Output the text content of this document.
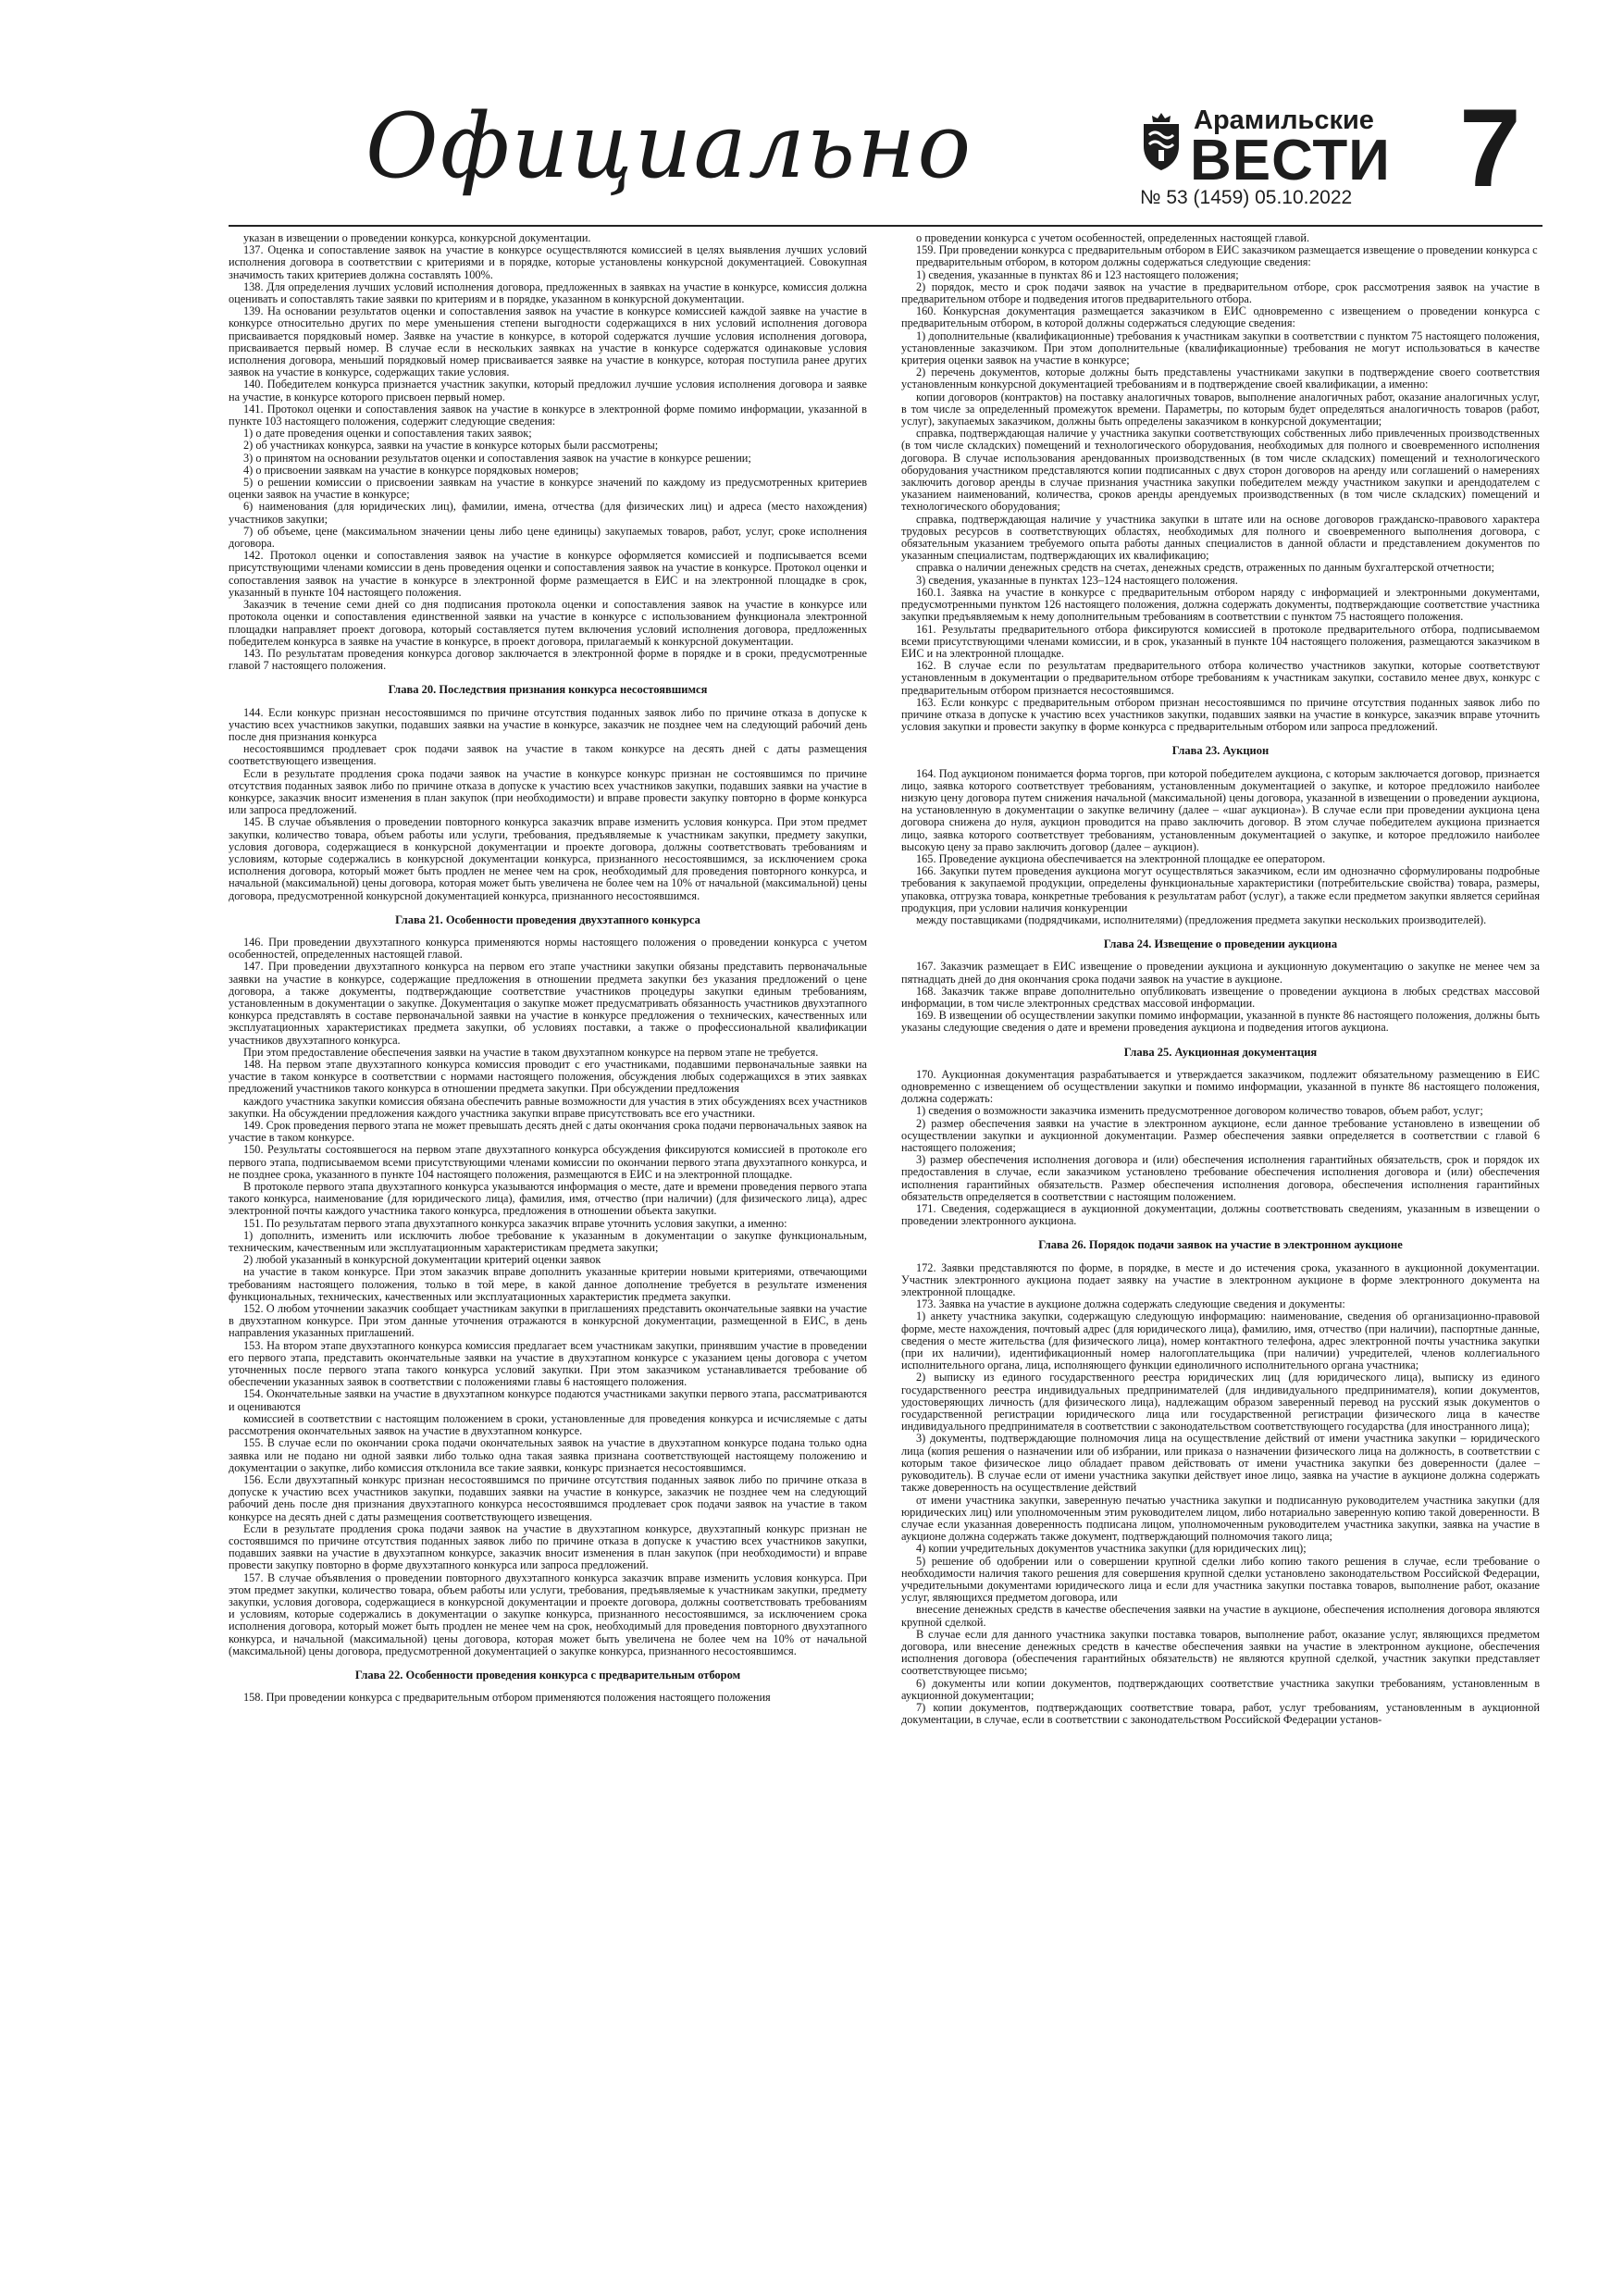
Официально	Арамильские
ВЕСТИ
№ 53 (1459) 05.10.2022 7

указан в извещении о проведении конкурса, конкурсной документации.

137. Оценка и сопоставление заявок на участие в конкурсе осуществляются комиссией в целях выявления лучших условий исполнения договора в соответствии с критериями и в порядке, которые установлены конкурсной документацией. Совокупная значимость таких критериев должна составлять 100%.

138. Для определения лучших условий исполнения договора, предложенных в заявках на участие в конкурсе, комиссия должна оценивать и сопоставлять такие заявки по критериям и в порядке, указанном в конкурсной документации.

139. На основании результатов оценки и сопоставления заявок на участие в конкурсе комиссией каждой заявке на участие в конкурсе относительно других по мере уменьшения степени выгодности содержащихся в них условий исполнения договора присваивается порядковый номер. Заявке на участие в конкурсе, в которой содержатся лучшие условия исполнения договора, присваивается первый номер. В случае если в нескольких заявках на участие в конкурсе содержатся одинаковые условия исполнения договора, меньший порядковый номер присваивается заявке на участие в конкурсе, которая поступила ранее других заявок на участие в конкурсе, содержащих такие условия.

140. Победителем конкурса признается участник закупки, который предложил лучшие условия исполнения договора и заявке на участие, в конкурсе которого присвоен первый номер.

141. Протокол оценки и сопоставления заявок на участие в конкурсе в электронной форме помимо информации, указанной в пункте 103 настоящего положения, содержит следующие сведения:

1) о дате проведения оценки и сопоставления таких заявок;

2) об участниках конкурса, заявки на участие в конкурсе которых были рассмотрены;

3) о принятом на основании результатов оценки и сопоставления заявок на участие в конкурсе решении;

4) о присвоении заявкам на участие в конкурсе порядковых номеров;

5) о решении комиссии о присвоении заявкам на участие в конкурсе значений по каждому из предусмотренных критериев оценки заявок на участие в конкурсе;

6) наименования (для юридических лиц), фамилии, имена, отчества (для физических лиц) и адреса (место нахождения) участников закупки;

7) об объеме, цене (максимальном значении цены либо цене единицы) закупаемых товаров, работ, услуг, сроке исполнения договора.

142. Протокол оценки и сопоставления заявок на участие в конкурсе оформляется комиссией и подписывается всеми присутствующими членами комиссии в день проведения оценки и сопоставления заявок на участие в конкурсе. Протокол оценки и сопоставления заявок на участие в конкурсе в электронной форме размещается в ЕИС и на электронной площадке в срок, указанный в пункте 104 настоящего положения.

Заказчик в течение семи дней со дня подписания протокола оценки и сопоставления заявок на участие в конкурсе или протокола оценки и сопоставления единственной заявки на участие в конкурсе с использованием функционала электронной площадки направляет проект договора, который составляется путем включения условий исполнения договора, предложенных победителем конкурса в заявке на участие в конкурсе, в проект договора, прилагаемый к конкурсной документации.

143. По результатам проведения конкурса договор заключается в электронной форме в порядке и в сроки, предусмотренные главой 7 настоящего положения.

Глава 20. Последствия признания конкурса несостоявшимся

144. Если конкурс признан несостоявшимся по причине отсутствия поданных заявок либо по причине отказа в допуске к участию всех участников закупки, подавших заявки на участие в конкурсе, заказчик не позднее чем на следующий рабочий день после дня признания конкурса

несостоявшимся продлевает срок подачи заявок на участие в таком конкурсе на десять дней с даты размещения соответствующего извещения.

Если в результате продления срока подачи заявок на участие в конкурсе конкурс признан не состоявшимся по причине отсутствия поданных заявок либо по причине отказа в допуске к участию всех участников закупки, подавших заявки на участие в конкурсе, заказчик вносит изменения в план закупок (при необходимости) и вправе провести закупку повторно в форме конкурса или запроса предложений.

145. В случае объявления о проведении повторного конкурса заказчик вправе изменить условия конкурса. При этом предмет закупки, количество товара, объем работы или услуги, требования, предъявляемые к участникам закупки, предмету закупки, условия договора, содержащиеся в конкурсной документации и проекте договора, должны соответствовать требованиям и условиям, которые содержались в конкурсной документации конкурса, признанного несостоявшимся, за исключением срока исполнения договора, который может быть продлен не менее чем на срок, необходимый для проведения повторного конкурса, и начальной (максимальной) цены договора, которая может быть увеличена не более чем на 10% от начальной (максимальной) цены договора, предусмотренной конкурсной документацией конкурса, признанного несостоявшимся.

Глава 21. Особенности проведения двухэтапного конкурса

146. При проведении двухэтапного конкурса применяются нормы настоящего положения о проведении конкурса с учетом особенностей, определенных настоящей главой.

147. При проведении двухэтапного конкурса на первом его этапе участники закупки обязаны представить первоначальные заявки на участие в конкурсе, содержащие предложения в отношении предмета закупки без указания предложений о цене договора, а также документы, подтверждающие соответствие участников процедуры закупки единым требованиям, установленным в документации о закупке. Документация о закупке может предусматривать обязанность участников двухэтапного конкурса представлять в составе первоначальной заявки на участие в конкурсе предложения о технических, качественных или эксплуатационных характеристиках предмета закупки, об условиях поставки, а также о профессиональной квалификации участников двухэтапного конкурса.

При этом предоставление обеспечения заявки на участие в таком двухэтапном конкурсе на первом этапе не требуется.

148. На первом этапе двухэтапного конкурса комиссия проводит с его участниками, подавшими первоначальные заявки на участие в таком конкурсе в соответствии с нормами настоящего положения, обсуждения любых содержащихся в этих заявках предложений участников такого конкурса в отношении предмета закупки. При обсуждении предложения

каждого участника закупки комиссия обязана обеспечить равные возможности для участия в этих обсуждениях всех участников закупки. На обсуждении предложения каждого участника закупки вправе присутствовать все его участники.

149. Срок проведения первого этапа не может превышать десять дней с даты окончания срока подачи первоначальных заявок на участие в таком конкурсе.

150. Результаты состоявшегося на первом этапе двухэтапного конкурса обсуждения фиксируются комиссией в протоколе его первого этапа, подписываемом всеми присутствующими членами комиссии по окончании первого этапа двухэтапного конкурса, и не позднее срока, указанного в пункте 104 настоящего положения, размещаются в ЕИС и на электронной площадке.

В протоколе первого этапа двухэтапного конкурса указываются информация о месте, дате и времени проведения первого этапа такого конкурса, наименование (для юридического лица), фамилия, имя, отчество (при наличии) (для физического лица), адрес электронной почты каждого участника такого конкурса, предложения в отношении объекта закупки.

151. По результатам первого этапа двухэтапного конкурса заказчик вправе уточнить условия закупки, а именно:

1) дополнить, изменить или исключить любое требование к указанным в документации о закупке функциональным, техническим, качественным или эксплуатационным характеристикам предмета закупки;

2) любой указанный в конкурсной документации критерий оценки заявок

на участие в таком конкурсе. При этом заказчик вправе дополнить указанные критерии новыми критериями, отвечающими требованиям настоящего положения, только в той мере, в какой данное дополнение требуется в результате изменения функциональных, технических, качественных или эксплуатационных характеристик предмета закупки.

152. О любом уточнении заказчик сообщает участникам закупки в приглашениях представить окончательные заявки на участие в двухэтапном конкурсе. При этом данные уточнения отражаются в конкурсной документации, размещенной в ЕИС, в день направления указанных приглашений.

153. На втором этапе двухэтапного конкурса комиссия предлагает всем участникам закупки, принявшим участие в проведении его первого этапа, представить окончательные заявки на участие в двухэтапном конкурсе с указанием цены договора с учетом уточненных после первого этапа такого конкурса условий закупки. При этом заказчиком устанавливается требование об обеспечении указанных заявок в соответствии с положениями главы 6 настоящего положения.

154. Окончательные заявки на участие в двухэтапном конкурсе подаются участниками закупки первого этапа, рассматриваются и оцениваются

комиссией в соответствии с настоящим положением в сроки, установленные для проведения конкурса и исчисляемые с даты рассмотрения окончательных заявок на участие в двухэтапном конкурсе.

155. В случае если по окончании срока подачи окончательных заявок на участие в двухэтапном конкурсе подана только одна заявка или не подано ни одной заявки либо только одна такая заявка признана соответствующей настоящему положению и документации о закупке, либо комиссия отклонила все такие заявки, конкурс признается несостоявшимся.

156. Если двухэтапный конкурс признан несостоявшимся по причине отсутствия поданных заявок либо по причине отказа в допуске к участию всех участников закупки, подавших заявки на участие в конкурсе, заказчик не позднее чем на следующий рабочий день после дня признания двухэтапного конкурса несостоявшимся продлевает срок подачи заявок на участие в таком конкурсе на десять дней с даты размещения соответствующего извещения.

Если в результате продления срока подачи заявок на участие в двухэтапном конкурсе, двухэтапный конкурс признан не состоявшимся по причине отсутствия поданных заявок либо по причине отказа в допуске к участию всех участников закупки, подавших заявки на участие в двухэтапном конкурсе, заказчик вносит изменения в план закупок (при необходимости) и вправе провести закупку повторно в форме двухэтапного конкурса или запроса предложений.

157. В случае объявления о проведении повторного двухэтапного конкурса заказчик вправе изменить условия конкурса. При этом предмет закупки, количество товара, объем работы или услуги, требования, предъявляемые к участникам закупки, предмету закупки, условия договора, содержащиеся в конкурсной документации и проекте договора, должны соответствовать требованиям и условиям, которые содержались в документации о закупке конкурса, признанного несостоявшимся, за исключением срока исполнения договора, который может быть продлен не менее чем на срок, необходимый для проведения повторного двухэтапного конкурса, и начальной (максимальной) цены договора, которая может быть увеличена не более чем на 10% от начальной (максимальной) цены договора, предусмотренной документацией о закупке конкурса, признанного несостоявшимся.

Глава 22. Особенности проведения конкурса с предварительным отбором

158. При проведении конкурса с предварительным отбором применяются положения настоящего положения

о проведении конкурса с учетом особенностей, определенных настоящей главой.

159. При проведении конкурса с предварительным отбором в ЕИС заказчиком размещается извещение о проведении конкурса с

предварительным отбором, в котором должны содержаться следующие сведения:

1) сведения, указанные в пунктах 86 и 123 настоящего положения;

2) порядок, место и срок подачи заявок на участие в предварительном отборе, срок рассмотрения заявок на участие в предварительном отборе и подведения итогов предварительного отбора.

160. Конкурсная документация размещается заказчиком в ЕИС одновременно с извещением о проведении конкурса с предварительным отбором, в которой должны содержаться следующие сведения:

1) дополнительные (квалификационные) требования к участникам закупки в соответствии с пунктом 75 настоящего положения, установленные заказчиком. При этом дополнительные (квалификационные) требования не могут использоваться в качестве критерия оценки заявок на участие в конкурсе;

2) перечень документов, которые должны быть представлены участниками закупки в подтверждение своего соответствия установленным конкурсной документацией требованиям и в подтверждение своей квалификации, а именно:

копии договоров (контрактов) на поставку аналогичных товаров, выполнение аналогичных работ, оказание аналогичных услуг, в том числе за определенный промежуток времени. Параметры, по которым будет определяться аналогичность товаров (работ, услуг), закупаемых заказчиком, должны быть определены заказчиком в конкурсной документации;

справка, подтверждающая наличие у участника закупки соответствующих собственных либо привлеченных производственных (в том числе складских) помещений и технологического оборудования, необходимых для полного и своевременного исполнения договора. В случае использования арендованных производственных (в том числе складских) помещений и технологического оборудования участником представляются копии подписанных с двух сторон договоров на аренду или соглашений о намерениях заключить договор аренды в случае признания участника закупки победителем между участником закупки и арендодателем с указанием наименований, количества, сроков аренды арендуемых производственных (в том числе складских) помещений и технологического оборудования;

справка, подтверждающая наличие у участника закупки в штате или на основе договоров гражданско-правового характера трудовых ресурсов в соответствующих областях, необходимых для полного и своевременного выполнения договора, с обязательным указанием требуемого опыта работы данных специалистов в данной области и представлением документов по указанным специалистам, подтверждающих их квалификацию;

справка о наличии денежных средств на счетах, денежных средств, отраженных по данным бухгалтерской отчетности;

3) сведения, указанные в пунктах 123–124 настоящего положения.

160.1. Заявка на участие в конкурсе с предварительным отбором наряду с информацией и электронными документами, предусмотренными пунктом 126 настоящего положения, должна содержать документы, подтверждающие соответствие участника закупки предъявляемым к нему дополнительным требованиям в соответствии с пунктом 75 настоящего положения.

161. Результаты предварительного отбора фиксируются комиссией в протоколе предварительного отбора, подписываемом всеми присутствующими членами комиссии, и в срок, указанный в пункте 104 настоящего положения, размещаются заказчиком в ЕИС и на электронной площадке.

162. В случае если по результатам предварительного отбора количество участников закупки, которые соответствуют установленным в документации о предварительном отборе требованиям к участникам закупки, составило менее двух, конкурс с предварительным отбором признается несостоявшимся.

163. Если конкурс с предварительным отбором признан несостоявшимся по причине отсутствия поданных заявок либо по причине отказа в допуске к участию всех участников закупки, подавших заявки на участие в конкурсе, заказчик вправе уточнить условия закупки и провести закупку в форме конкурса с предварительным отбором или запроса предложений.

Глава 23. Аукцион

164. Под аукционом понимается форма торгов, при которой победителем аукциона, с которым заключается договор, признается лицо, заявка которого соответствует требованиям, установленным документацией о закупке, и которое предложило наиболее низкую цену договора путем снижения начальной (максимальной) цены договора, указанной в извещении о проведении аукциона, на установленную в документации о закупке величину (далее – «шаг аукциона»). В случае если при проведении аукциона цена договора снижена до нуля, аукцион проводится на право заключить договор. В этом случае победителем аукциона признается лицо, заявка которого соответствует требованиям, установленным документацией о закупке, и которое предложило наиболее высокую цену за право заключить договор (далее – аукцион).

165. Проведение аукциона обеспечивается на электронной площадке ее оператором.

166. Закупки путем проведения аукциона могут осуществляться заказчиком, если им однозначно сформулированы подробные требования к закупаемой продукции, определены функциональные характеристики (потребительские свойства) товара, размеры, упаковка, отгрузка товара, конкретные требования к результатам работ (услуг), а также если предметом закупки является серийная продукция, при условии наличия конкуренции

между поставщиками (подрядчиками, исполнителями) (предложения предмета закупки нескольких производителей).

Глава 24. Извещение о проведении аукциона

167. Заказчик размещает в ЕИС извещение о проведении аукциона и аукционную документацию о закупке не менее чем за пятнадцать дней до дня окончания срока подачи заявок на участие в аукционе.

168. Заказчик также вправе дополнительно опубликовать извещение о проведении аукциона в любых средствах массовой информации, в том числе электронных средствах массовой информации.

169. В извещении об осуществлении закупки помимо информации, указанной в пункте 86 настоящего положения, должны быть указаны следующие сведения о дате и времени проведения аукциона и подведения итогов аукциона.

Глава 25. Аукционная документация

170. Аукционная документация разрабатывается и утверждается заказчиком, подлежит обязательному размещению в ЕИС одновременно с извещением об осуществлении закупки и помимо информации, указанной в пункте 86 настоящего положения, должна содержать:

1) сведения о возможности заказчика изменить предусмотренное договором количество товаров, объем работ, услуг;

2) размер обеспечения заявки на участие в электронном аукционе, если данное требование установлено в извещении об осуществлении закупки и аукционной документации. Размер обеспечения заявки определяется в соответствии с главой 6 настоящего положения;

3) размер обеспечения исполнения договора и (или) обеспечения исполнения гарантийных обязательств, срок и порядок их предоставления в случае, если заказчиком установлено требование обеспечения исполнения договора и (или) обеспечения исполнения гарантийных обязательств. Размер обеспечения исполнения договора, обеспечения исполнения гарантийных обязательств определяется в соответствии с настоящим положением.

171. Сведения, содержащиеся в аукционной документации, должны соответствовать сведениям, указанным в извещении о проведении электронного аукциона.

Глава 26. Порядок подачи заявок на участие в электронном аукционе

172. Заявки представляются по форме, в порядке, в месте и до истечения срока, указанного в аукционной документации. Участник электронного аукциона подает заявку на участие в электронном аукционе в форме электронного документа на электронной площадке.

173. Заявка на участие в аукционе должна содержать следующие сведения и документы:

1) анкету участника закупки, содержащую следующую информацию: наименование, сведения об организационно-правовой форме, месте нахождения, почтовый адрес (для юридического лица), фамилию, имя, отчество (при наличии), паспортные данные, сведения о месте жительства (для физического лица), номер контактного телефона, адрес электронной почты участника закупки (при их наличии), идентификационный номер налогоплательщика (при наличии) учредителей, членов коллегиального исполнительного органа, лица, исполняющего функции единоличного исполнительного органа участника;

2) выписку из единого государственного реестра юридических лиц (для юридического лица), выписку из единого государственного реестра индивидуальных предпринимателей (для индивидуального предпринимателя), копии документов, удостоверяющих личность (для физического лица), надлежащим образом заверенный перевод на русский язык документов о государственной регистрации юридического лица или государственной регистрации физического лица в качестве индивидуального предпринимателя в соответствии с законодательством соответствующего государства (для иностранного лица);

3) документы, подтверждающие полномочия лица на осуществление действий от имени участника закупки – юридического лица (копия решения о назначении или об избрании, или приказа о назначении физического лица на должность, в соответствии с которым такое физическое лицо обладает правом действовать от имени участника закупки без доверенности (далее – руководитель). В случае если от имени участника закупки действует иное лицо, заявка на участие в аукционе должна содержать также доверенность на осуществление действий

от имени участника закупки, заверенную печатью участника закупки и подписанную руководителем участника закупки (для юридических лиц) или уполномоченным этим руководителем лицом, либо нотариально заверенную копию такой доверенности. В случае если указанная доверенность подписана лицом, уполномоченным руководителем участника закупки, заявка на участие в аукционе должна содержать также документ, подтверждающий полномочия такого лица;

4) копии учредительных документов участника закупки (для юридических лиц);

5) решение об одобрении или о совершении крупной сделки либо копию такого решения в случае, если требование о необходимости наличия такого решения для совершения крупной сделки установлено законодательством Российской Федерации, учредительными документами юридического лица и если для участника закупки поставка товаров, выполнение работ, оказание услуг, являющихся предметом договора, или

внесение денежных средств в качестве обеспечения заявки на участие в аукционе, обеспечения исполнения договора являются крупной сделкой.

В случае если для данного участника закупки поставка товаров, выполнение работ, оказание услуг, являющихся предметом договора, или внесение денежных средств в качестве обеспечения заявки на участие в электронном аукционе, обеспечения исполнения договора (обеспечения гарантийных обязательств) не являются крупной сделкой, участник закупки представляет соответствующее письмо;

6) документы или копии документов, подтверждающих соответствие участника закупки требованиям, установленным в аукционной документации;

7) копии документов, подтверждающих соответствие товара, работ, услуг требованиям, установленным в аукционной документации, в случае, если в соответствии с законодательством Российской Федерации установ-
